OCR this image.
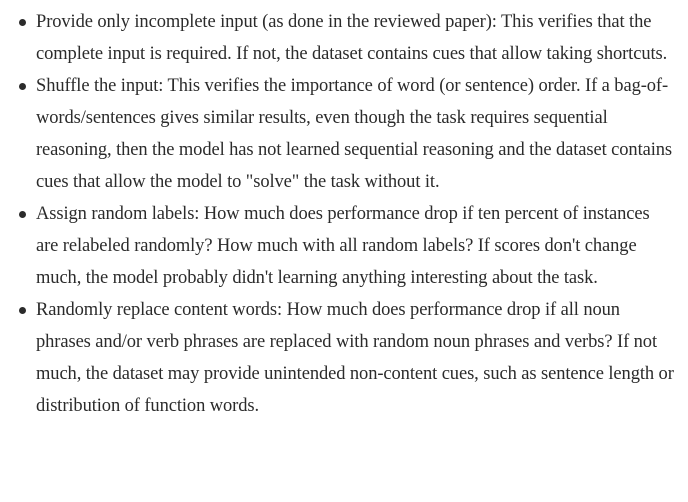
Provide only incomplete input (as done in the reviewed paper): This verifies that the complete input is required. If not, the dataset contains cues that allow taking shortcuts.
Shuffle the input: This verifies the importance of word (or sentence) order. If a bag-of-words/sentences gives similar results, even though the task requires sequential reasoning, then the model has not learned sequential reasoning and the dataset contains cues that allow the model to "solve" the task without it.
Assign random labels: How much does performance drop if ten percent of instances are relabeled randomly? How much with all random labels? If scores don't change much, the model probably didn't learning anything interesting about the task.
Randomly replace content words: How much does performance drop if all noun phrases and/or verb phrases are replaced with random noun phrases and verbs? If not much, the dataset may provide unintended non-content cues, such as sentence length or distribution of function words.
